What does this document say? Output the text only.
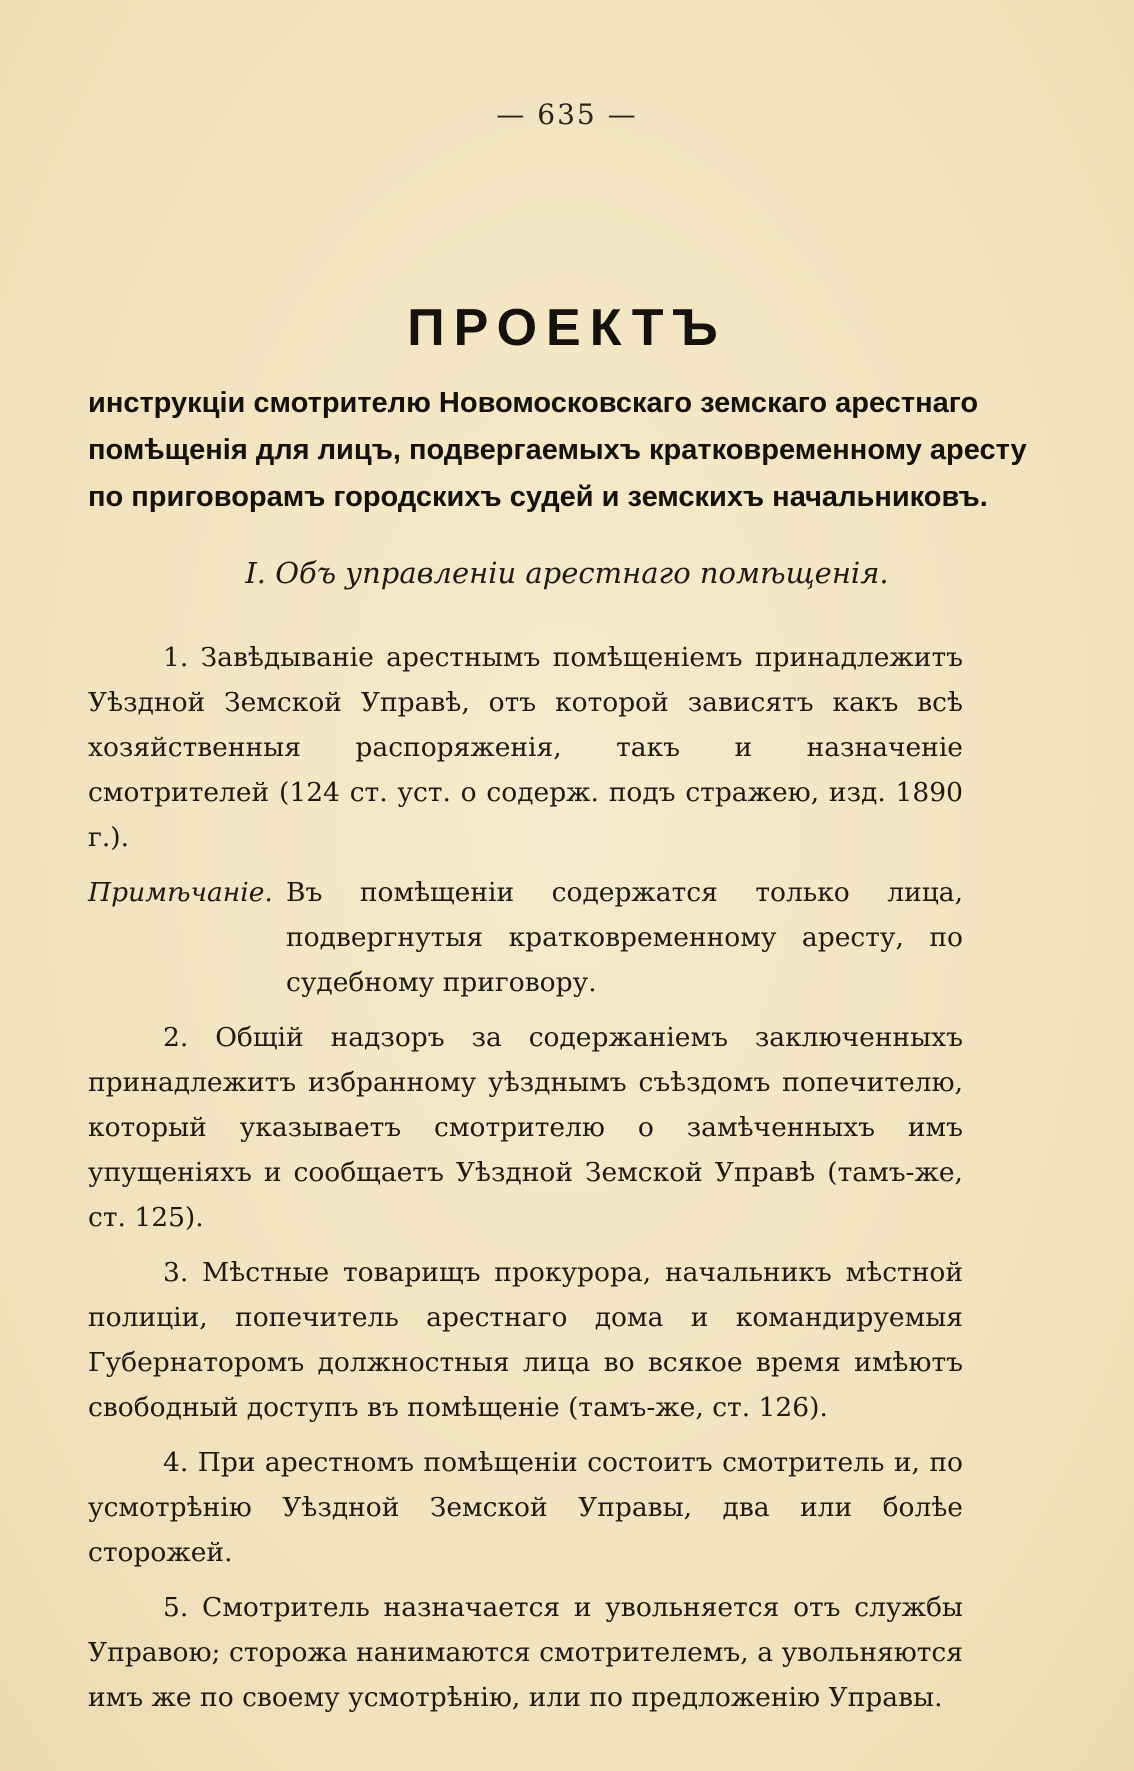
— 635 —
ПРОЕКТЪ
инструкціи смотрителю Новомосковскаго земскаго арестнаго
помѣщенія для лицъ, подвергаемыхъ кратковременному аресту
по приговорамъ городскихъ судей и земскихъ начальниковъ.
I. Объ управленіи арестнаго помѣщенія.

1. Завѣдываніе арестнымъ помѣщеніемъ принадлежитъ Уѣздной Земской Управѣ, отъ которой зависятъ какъ всѣ хозяйственныя распоряженія, такъ и назначеніе смотрителей (124 ст. уст. о содерж. подъ стражею, изд. 1890 г.).

Примѣчаніе. Въ помѣщеніи содержатся только лица, подвергнутыя кратковременному аресту, по судебному приговору.

2. Общій надзоръ за содержаніемъ заключенныхъ принадлежитъ избранному уѣзднымъ съѣздомъ попечителю, который указываетъ смотрителю о замѣченныхъ имъ упущеніяхъ и сообщаетъ Уѣздной Земской Управѣ (тамъ-же, ст. 125).

3. Мѣстные товарищъ прокурора, начальникъ мѣстной полиціи, попечитель арестнаго дома и командируемыя Губернаторомъ должностныя лица во всякое время имѣютъ свободный доступъ въ помѣщеніе (тамъ-же, ст. 126).

4. При арестномъ помѣщеніи состоитъ смотритель и, по усмотрѣнію Уѣздной Земской Управы, два или болѣе сторожей.

5. Смотритель назначается и увольняется отъ службы Управою; сторожа нанимаются смотрителемъ, а увольняются имъ же по своему усмотрѣнію, или по предложенію Управы.
